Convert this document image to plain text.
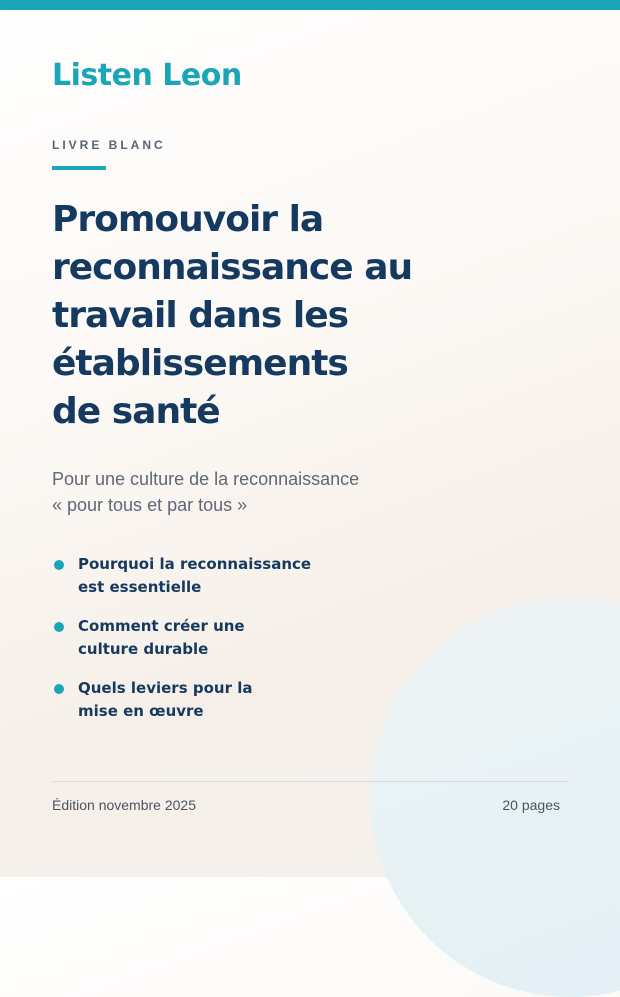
Listen Leon
LIVRE BLANC
Promouvoir la
reconnaissance au
travail dans les
établissements
de santé
Pour une culture de la reconnaissance
« pour tous et par tous »
Pourquoi la reconnaissance
est essentielle
Comment créer une
culture durable
Quels leviers pour la
mise en œuvre
Édition novembre 2025	20 pages
